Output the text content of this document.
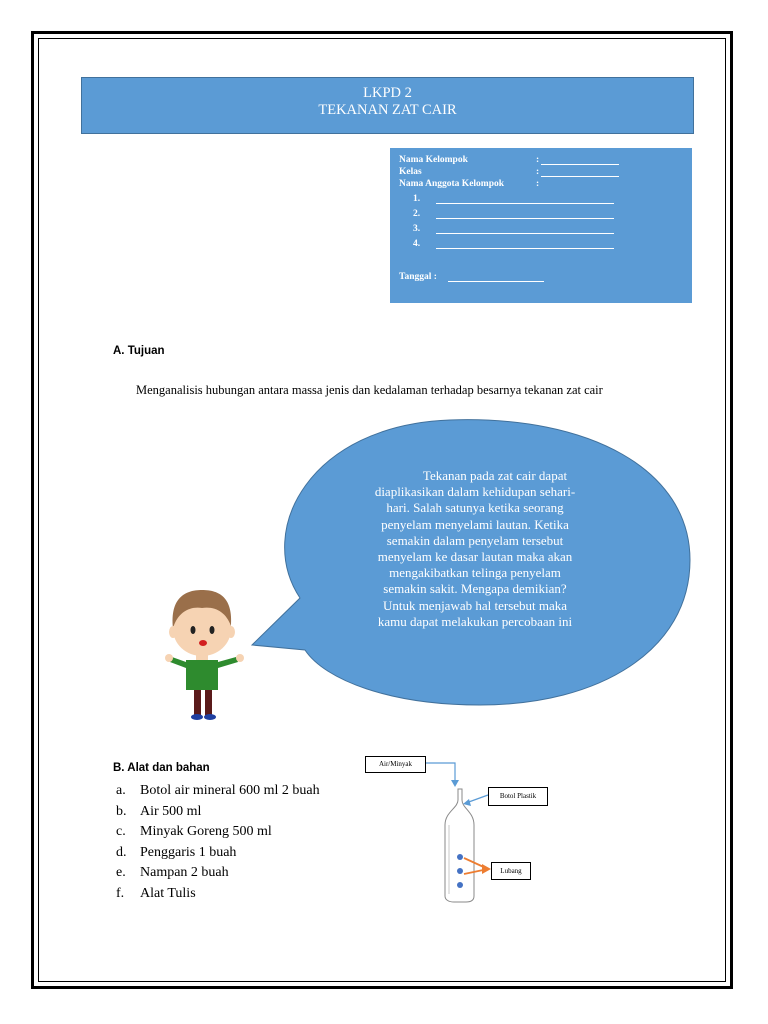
LKPD 2
TEKANAN ZAT CAIR
Nama Kelompok	:
Kelas	:
Nama Anggota Kelompok	:
1.
2.
3.
4.
Tanggal :
A. Tujuan
Menganalisis hubungan antara massa jenis dan kedalaman terhadap besarnya tekanan zat cair
Tekanan pada zat cair dapat
diaplikasikan dalam kehidupan sehari-
hari. Salah satunya ketika seorang
penyelam menyelami lautan. Ketika
semakin dalam penyelam tersebut
menyelam ke dasar lautan maka akan
mengakibatkan telinga penyelam
semakin sakit. Mengapa demikian?
Untuk menjawab hal tersebut maka
kamu dapat melakukan percobaan ini
B. Alat dan bahan
a. Botol air mineral 600 ml 2 buah
b. Air 500 ml
c. Minyak Goreng 500 ml
d. Penggaris 1 buah
e. Nampan 2 buah
f. Alat Tulis
Air/Minyak
Botol Plastik
Lubang
